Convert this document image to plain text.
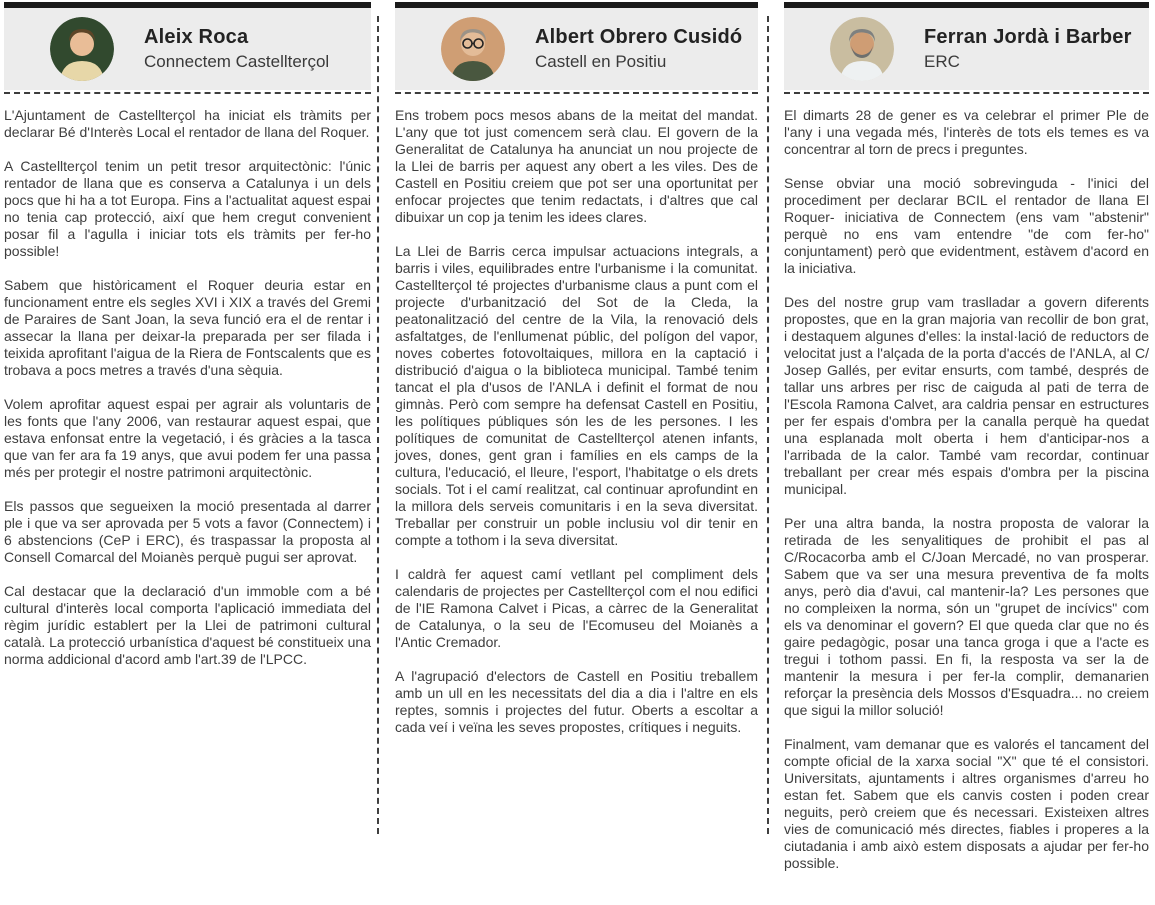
Aleix Roca
Connectem Castellterçol

L'Ajuntament de Castellterçol ha iniciat els tràmits per declarar Bé d'Interès Local el rentador de llana del Roquer.

A Castellterçol tenim un petit tresor arquitectònic: l'únic rentador de llana que es conserva a Catalunya i un dels pocs que hi ha a tot Europa. Fins a l'actualitat aquest espai no tenia cap protecció, així que hem cregut convenient posar fil a l'agulla i iniciar tots els tràmits per fer-ho possible!

Sabem que històricament el Roquer deuria estar en funcionament entre els segles XVI i XIX a través del Gremi de Paraires de Sant Joan, la seva funció era el de rentar i assecar la llana per deixar-la preparada per ser filada i teixida aprofitant l'aigua de la Riera de Fontscalents que es trobava a pocs metres a través d'una sèquia.

Volem aprofitar aquest espai per agrair als voluntaris de les fonts que l'any 2006, van restaurar aquest espai, que estava enfonsat entre la vegetació, i és gràcies a la tasca que van fer ara fa 19 anys, que avui podem fer una passa més per protegir el nostre patrimoni arquitectònic.

Els passos que segueixen la moció presentada al darrer ple i que va ser aprovada per 5 vots a favor (Connectem) i 6 abstencions (CeP i ERC), és traspassar la proposta al Consell Comarcal del Moianès perquè pugui ser aprovat.

Cal destacar que la declaració d'un immoble com a bé cultural d'interès local comporta l'aplicació immediata del règim jurídic establert per la Llei de patrimoni cultural català. La protecció urbanística d'aquest bé constitueix una norma addicional d'acord amb l'art.39 de l'LPCC.

Albert Obrero Cusidó
Castell en Positiu

Ens trobem pocs mesos abans de la meitat del mandat. L'any que tot just comencem serà clau. El govern de la Generalitat de Catalunya ha anunciat un nou projecte de la Llei de barris per aquest any obert a les viles. Des de Castell en Positiu creiem que pot ser una oportunitat per enfocar projectes que tenim redactats, i d'altres que cal dibuixar un cop ja tenim les idees clares.

La Llei de Barris cerca impulsar actuacions integrals, a barris i viles, equilibrades entre l'urbanisme i la comunitat. Castellterçol té projectes d'urbanisme claus a punt com el projecte d'urbanització del Sot de la Cleda, la peatonalització del centre de la Vila, la renovació dels asfaltatges, de l'enllumenat públic, del polígon del vapor, noves cobertes fotovoltaiques, millora en la captació i distribució d'aigua o la biblioteca municipal. També tenim tancat el pla d'usos de l'ANLA i definit el format de nou gimnàs. Però com sempre ha defensat Castell en Positiu, les polítiques públiques són les de les persones. I les polítiques de comunitat de Castellterçol atenen infants, joves, dones, gent gran i famílies en els camps de la cultura, l'educació, el lleure, l'esport, l'habitatge o els drets socials. Tot i el camí realitzat, cal continuar aprofundint en la millora dels serveis comunitaris i en la seva diversitat. Treballar per construir un poble inclusiu vol dir tenir en compte a tothom i la seva diversitat.

I caldrà fer aquest camí vetllant pel compliment dels calendaris de projectes per Castellterçol com el nou edifici de l'IE Ramona Calvet i Picas, a càrrec de la Generalitat de Catalunya, o la seu de l'Ecomuseu del Moianès a l'Antic Cremador.

A l'agrupació d'electors de Castell en Positiu treballem amb un ull en les necessitats del dia a dia i l'altre en els reptes, somnis i projectes del futur. Oberts a escoltar a cada veí i veïna les seves propostes, crítiques i neguits.

Ferran Jordà i Barber
ERC

El dimarts 28 de gener es va celebrar el primer Ple de l'any i una vegada més, l'interès de tots els temes es va concentrar al torn de precs i preguntes.

Sense obviar una moció sobrevinguda - l'inici del procediment per declarar BCIL el rentador de llana El Roquer- iniciativa de Connectem (ens vam "abstenir" perquè no ens vam entendre "de com fer-ho" conjuntament) però que evidentment, estàvem d'acord en la iniciativa.

Des del nostre grup vam traslladar a govern diferents propostes, que en la gran majoria van recollir de bon grat, i destaquem algunes d'elles: la instal·lació de reductors de velocitat just a l'alçada de la porta d'accés de l'ANLA, al C/ Josep Gallés, per evitar ensurts, com també, després de tallar uns arbres per risc de caiguda al pati de terra de l'Escola Ramona Calvet, ara caldria pensar en estructures per fer espais d'ombra per la canalla perquè ha quedat una esplanada molt oberta i hem d'anticipar-nos a l'arribada de la calor. També vam recordar, continuar treballant per crear més espais d'ombra per la piscina municipal.

Per una altra banda, la nostra proposta de valorar la retirada de les senyalitiques de prohibit el pas al C/Rocacorba amb el C/Joan Mercadé, no van prosperar. Sabem que va ser una mesura preventiva de fa molts anys, però dia d'avui, cal mantenir-la? Les persones que no compleixen la norma, són un "grupet de incívics" com els va denominar el govern? El que queda clar que no és gaire pedagògic, posar una tanca groga i que a l'acte es tregui i tothom passi. En fi, la resposta va ser la de mantenir la mesura i per fer-la complir, demanarien reforçar la presència dels Mossos d'Esquadra... no creiem que sigui la millor solució!

Finalment, vam demanar que es valorés el tancament del compte oficial de la xarxa social "X" que té el consistori. Universitats, ajuntaments i altres organismes d'arreu ho estan fet. Sabem que els canvis costen i poden crear neguits, però creiem que és necessari. Existeixen altres vies de comunicació més directes, fiables i properes a la ciutadania i amb això estem disposats a ajudar per fer-ho possible.
